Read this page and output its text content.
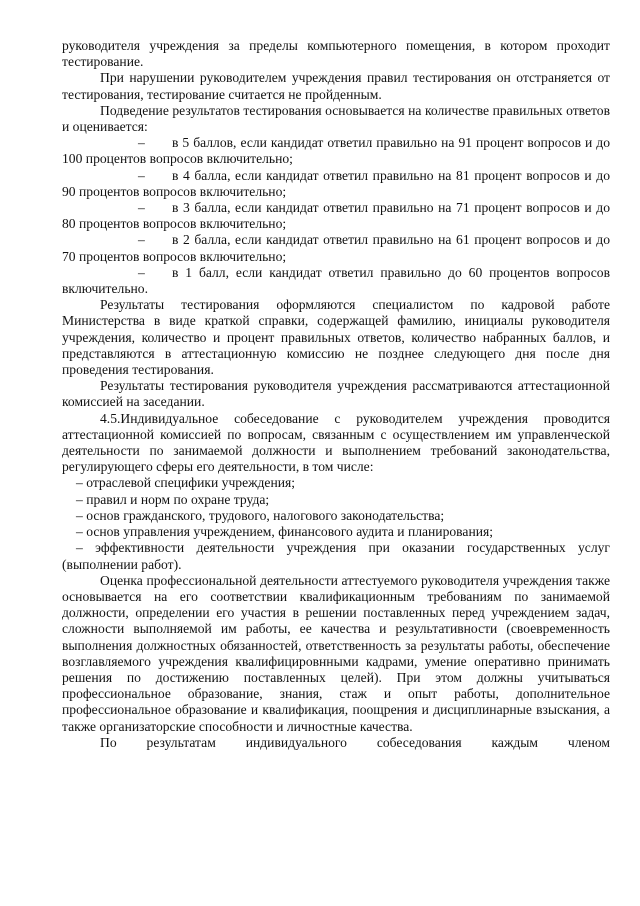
руководителя учреждения за пределы компьютерного помещения, в котором проходит тестирование.

При нарушении руководителем учреждения правил тестирования он отстраняется от тестирования, тестирование считается не пройденным.

Подведение результатов тестирования основывается на количестве правильных ответов и оценивается:

–  в 5 баллов, если кандидат ответил правильно на 91 процент вопросов и до 100 процентов вопросов включительно;

–  в 4 балла, если кандидат ответил правильно на 81 процент вопросов и до 90 процентов вопросов включительно;

–  в 3 балла, если кандидат ответил правильно на 71 процент вопросов и до 80 процентов вопросов включительно;

–  в 2 балла, если кандидат ответил правильно на 61 процент вопросов и до 70 процентов вопросов включительно;

–  в 1 балл, если кандидат ответил правильно до 60 процентов вопросов включительно.

Результаты тестирования оформляются специалистом по кадровой работе Министерства в виде краткой справки, содержащей фамилию, инициалы руководителя учреждения, количество и процент правильных ответов, количество набранных баллов, и представляются в аттестационную комиссию не позднее следующего дня после дня проведения тестирования.

Результаты тестирования руководителя учреждения рассматриваются аттестационной комиссией на заседании.

4.5.Индивидуальное собеседование с руководителем учреждения проводится аттестационной комиссией по вопросам, связанным с осуществлением им управленческой деятельности по занимаемой должности и выполнением требований законодательства, регулирующего сферы его деятельности, в том числе:

– отраслевой специфики учреждения;

– правил и норм по охране труда;

– основ гражданского, трудового, налогового законодательства;

– основ управления учреждением, финансового аудита и планирования;

– эффективности деятельности учреждения при оказании государственных услуг (выполнении работ).

Оценка профессиональной деятельности аттестуемого руководителя учреждения также основывается на его соответствии квалификационным требованиям по занимаемой должности, определении его участия в решении поставленных перед учреждением задач, сложности выполняемой им работы, ее качества и результативности (своевременность выполнения должностных обязанностей, ответственность за результаты работы, обеспечение возглавляемого учреждения квалифицировнными кадрами, умение оперативно принимать решения по достижению поставленных целей). При этом должны учитываться профессиональное образование, знания, стаж и опыт работы, дополнительное профессиональное образование и квалификация, поощрения и дисциплинарные взыскания, а также организаторские способности и личностные качества.

По результатам индивидуального собеседования каждым членом
